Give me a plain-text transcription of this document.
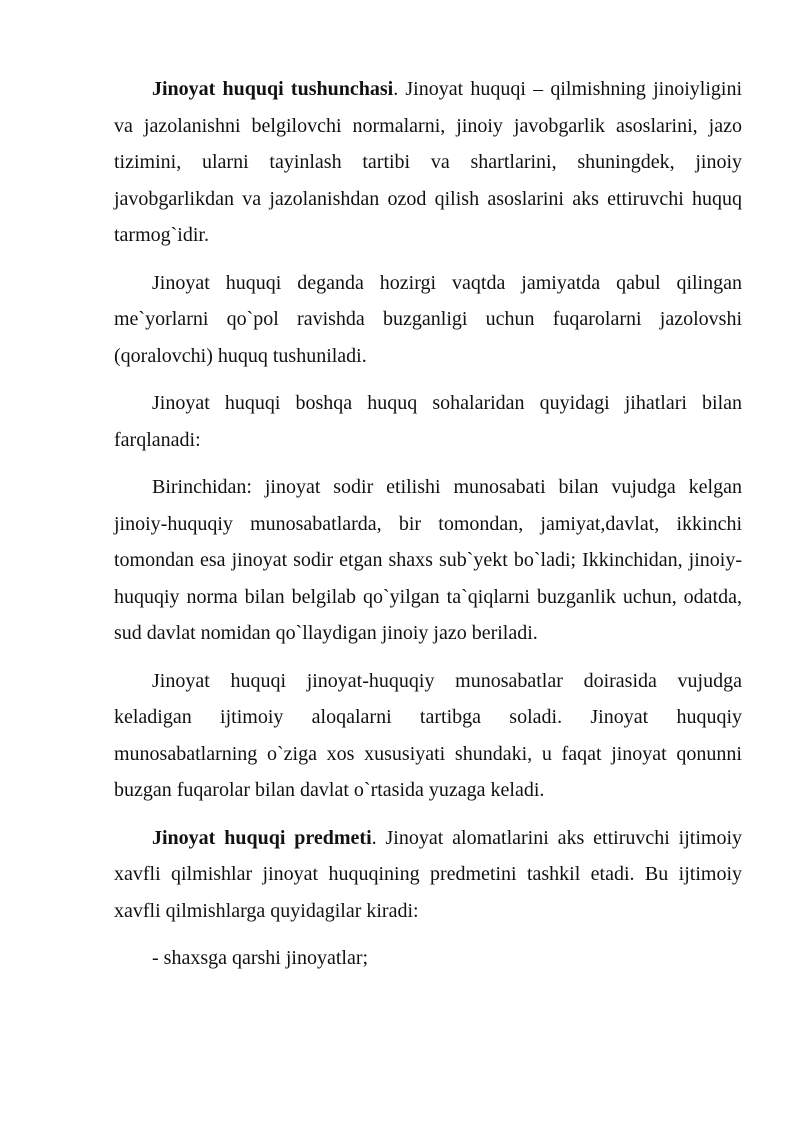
Jinoyat huquqi tushunchasi. Jinoyat huquqi – qilmishning jinoiyligini va jazolanishni belgilovchi normalarni, jinoiy javobgarlik asoslarini, jazo tizimini, ularni tayinlash tartibi va shartlarini, shuningdek, jinoiy javobgarlikdan va jazolanishdan ozod qilish asoslarini aks ettiruvchi huquq tarmog`idir.

Jinoyat huquqi deganda hozirgi vaqtda jamiyatda qabul qilingan me`yorlarni qo`pol ravishda buzganligi uchun fuqarolarni jazolovshi (qoralovchi) huquq tushuniladi.

Jinoyat huquqi boshqa huquq sohalaridan quyidagi jihatlari bilan farqlanadi:

Birinchidan: jinoyat sodir etilishi munosabati bilan vujudga kelgan jinoiy-huquqiy munosabatlarda, bir tomondan, jamiyat,davlat, ikkinchi tomondan esa jinoyat sodir etgan shaxs sub`yekt bo`ladi; Ikkinchidan, jinoiy-huquqiy norma bilan belgilab qo`yilgan ta`qiqlarni buzganlik uchun, odatda, sud davlat nomidan qo`llaydigan jinoiy jazo beriladi.

Jinoyat huquqi jinoyat-huquqiy munosabatlar doirasida vujudga keladigan ijtimoiy aloqalarni tartibga soladi. Jinoyat huquqiy munosabatlarning o`ziga xos xususiyati shundaki, u faqat jinoyat qonunni buzgan fuqarolar bilan davlat o`rtasida yuzaga keladi.

Jinoyat huquqi predmeti. Jinoyat alomatlarini aks ettiruvchi ijtimoiy xavfli qilmishlar jinoyat huquqining predmetini tashkil etadi. Bu ijtimoiy xavfli qilmishlarga quyidagilar kiradi:

- shaxsga qarshi jinoyatlar;
